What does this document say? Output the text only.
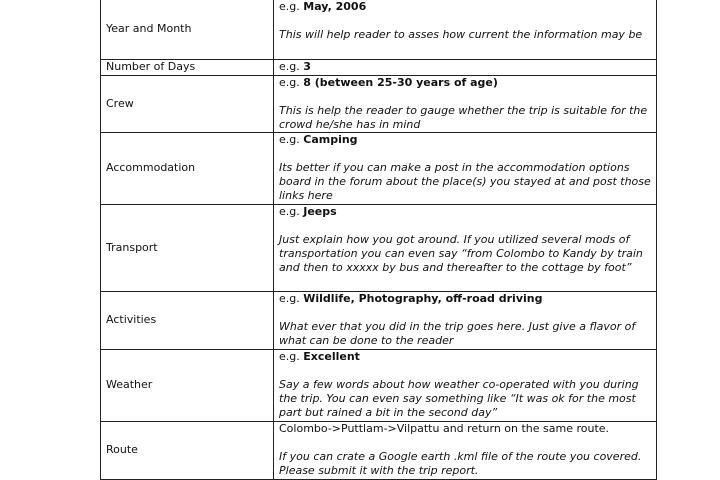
Year and Month	e.g. May, 2006
This will help reader to asses how current the information may be

Number of Days	e.g. 3

Crew	e.g. 8 (between 25-30 years of age)
This is help the reader to gauge whether the trip is suitable for the crowd he/she has in mind

Accommodation	e.g. Camping
Its better if you can make a post in the accommodation options board in the forum about the place(s) you stayed at and post those links here

Transport	e.g. Jeeps
Just explain how you got around. If you utilized several mods of transportation you can even say “from Colombo to Kandy by train and then to xxxxx by bus and thereafter to the cottage by foot”

Activities	e.g. Wildlife, Photography, off-road driving
What ever that you did in the trip goes here. Just give a flavor of what can be done to the reader

Weather	e.g. Excellent
Say a few words about how weather co-operated with you during the trip. You can even say something like “It was ok for the most part but rained a bit in the second day”

Route	Colombo->Puttlam->Vilpattu and return on the same route.
If you can crate a Google earth .kml file of the route you covered. Please submit it with the trip report.
